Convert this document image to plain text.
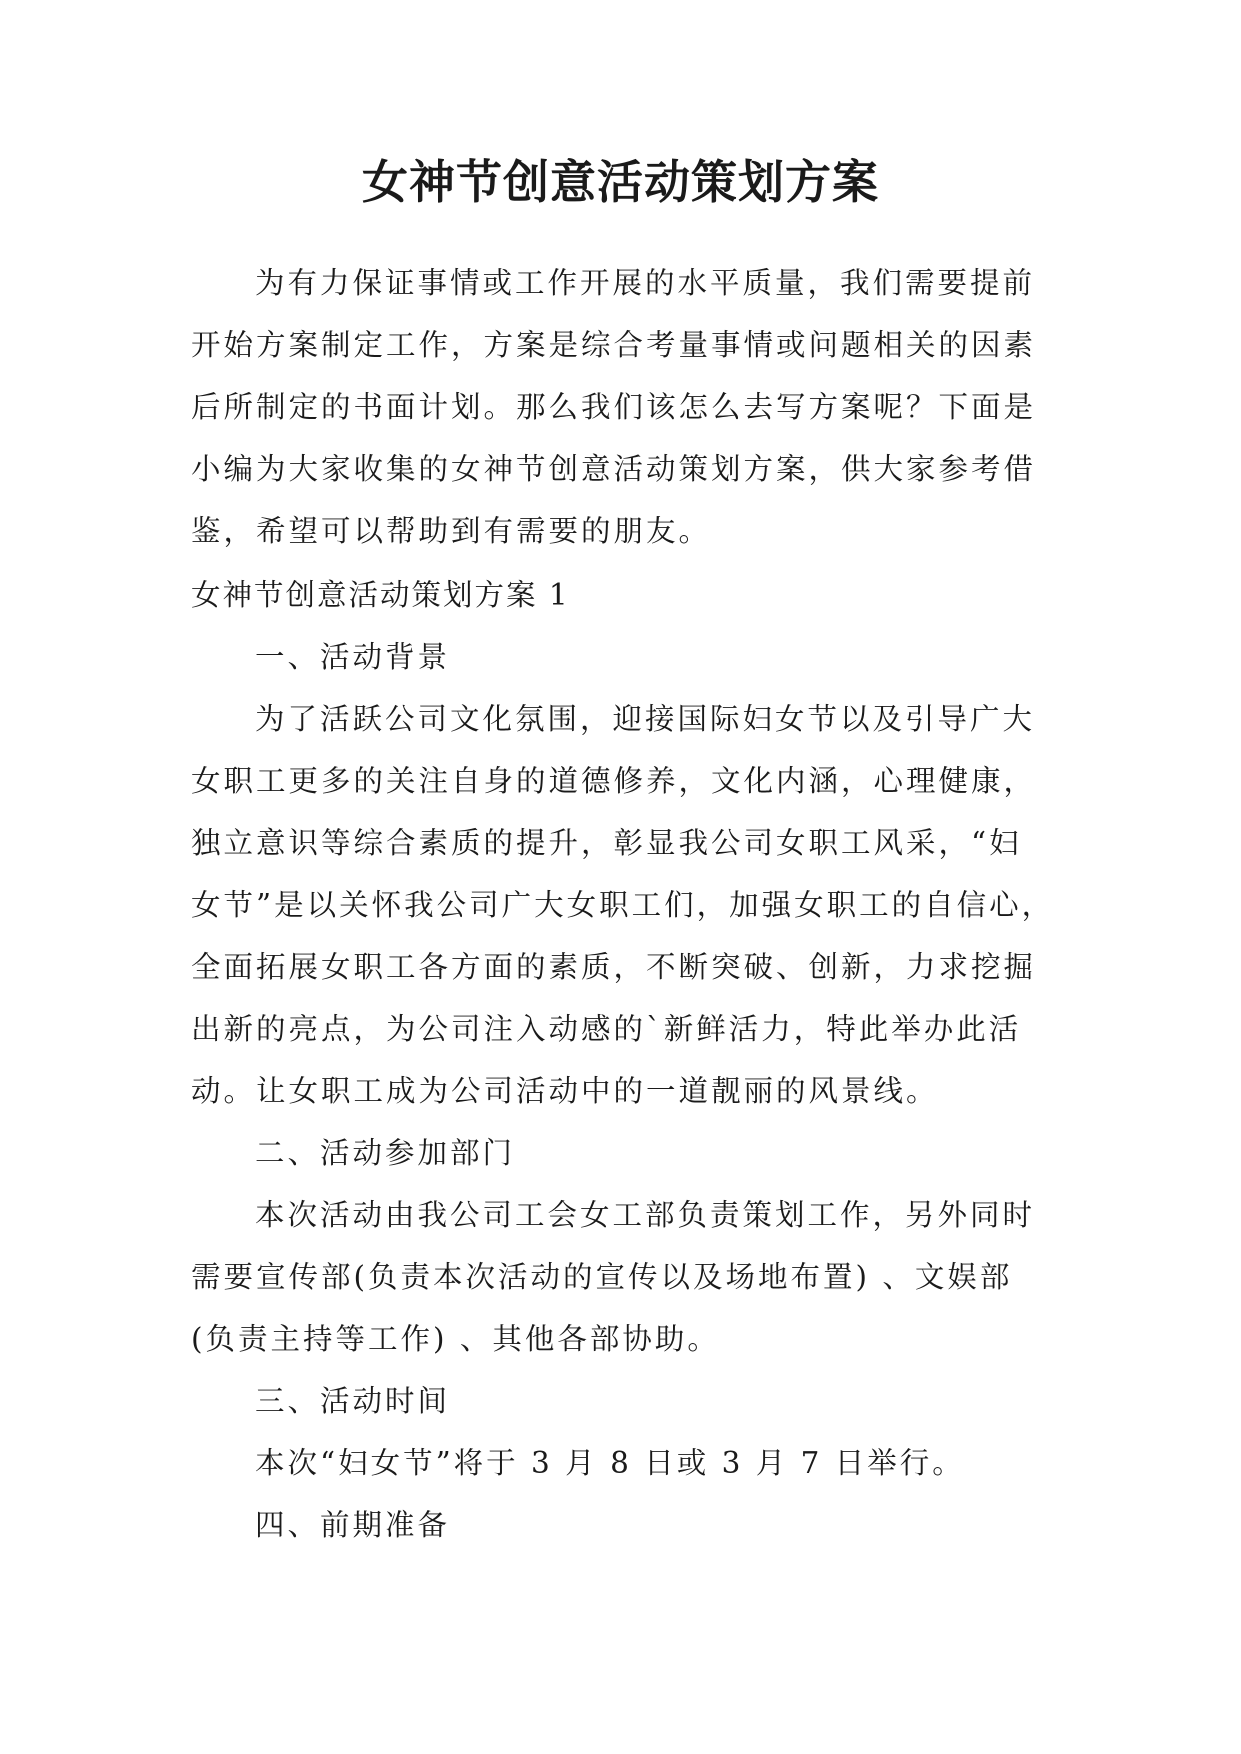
女神节创意活动策划方案
为有力保证事情或工作开展的水平质量，我们需要提前
开始方案制定工作，方案是综合考量事情或问题相关的因素
后所制定的书面计划。那么我们该怎么去写方案呢？下面是
小编为大家收集的女神节创意活动策划方案，供大家参考借
鉴，希望可以帮助到有需要的朋友。
女神节创意活动策划方案 1
一、活动背景
为了活跃公司文化氛围，迎接国际妇女节以及引导广大
女职工更多的关注自身的道德修养，文化内涵，心理健康，
独立意识等综合素质的提升，彰显我公司女职工风采，“妇
女节”是以关怀我公司广大女职工们，加强女职工的自信心，
全面拓展女职工各方面的素质，不断突破、创新，力求挖掘
出新的亮点，为公司注入动感的`新鲜活力，特此举办此活
动。让女职工成为公司活动中的一道靓丽的风景线。
二、活动参加部门
本次活动由我公司工会女工部负责策划工作，另外同时
需要宣传部(负责本次活动的宣传以及场地布置) 、文娱部
(负责主持等工作) 、其他各部协助。
三、活动时间
本次“妇女节”将于 3 月 8 日或 3 月 7 日举行。
四、前期准备
